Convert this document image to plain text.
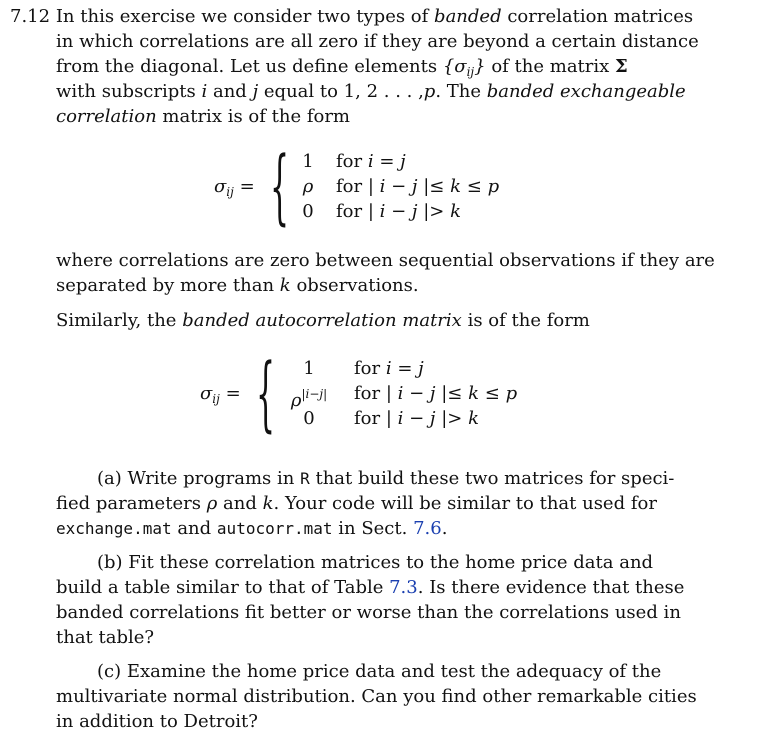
7.12 In this exercise we consider two types of banded correlation matrices
in which correlations are all zero if they are beyond a certain distance
from the diagonal. Let us define elements $\{\sigma_{ij}\}$ of the matrix Σ
with subscripts i and j equal to 1, 2 . . . ,p. The banded exchangeable
correlation matrix is of the form
$\sigma_{ij}$ = { 1
ρ
0
for i = j
for | i − j |≤ k ≤ p
for | i − j |> k
where correlations are zero between sequential observations if they are
separated by more than k observations.
Similarly, the banded autocorrelation matrix is of the form
$\sigma_{ij}$ = {	1
$\rho^{|i-j|}$
0
for i = j
for | i − j |≤ k ≤ p
for | i − j |> k
(a) Write programs in R that build these two matrices for speci-
fied parameters ρ and k. Your code will be similar to that used for
exchange.mat and autocorr.mat in Sect. 7.6.
(b) Fit these correlation matrices to the home price data and
build a table similar to that of Table 7.3. Is there evidence that these
banded correlations fit better or worse than the correlations used in
that table?
(c) Examine the home price data and test the adequacy of the
multivariate normal distribution. Can you find other remarkable cities
in addition to Detroit?
